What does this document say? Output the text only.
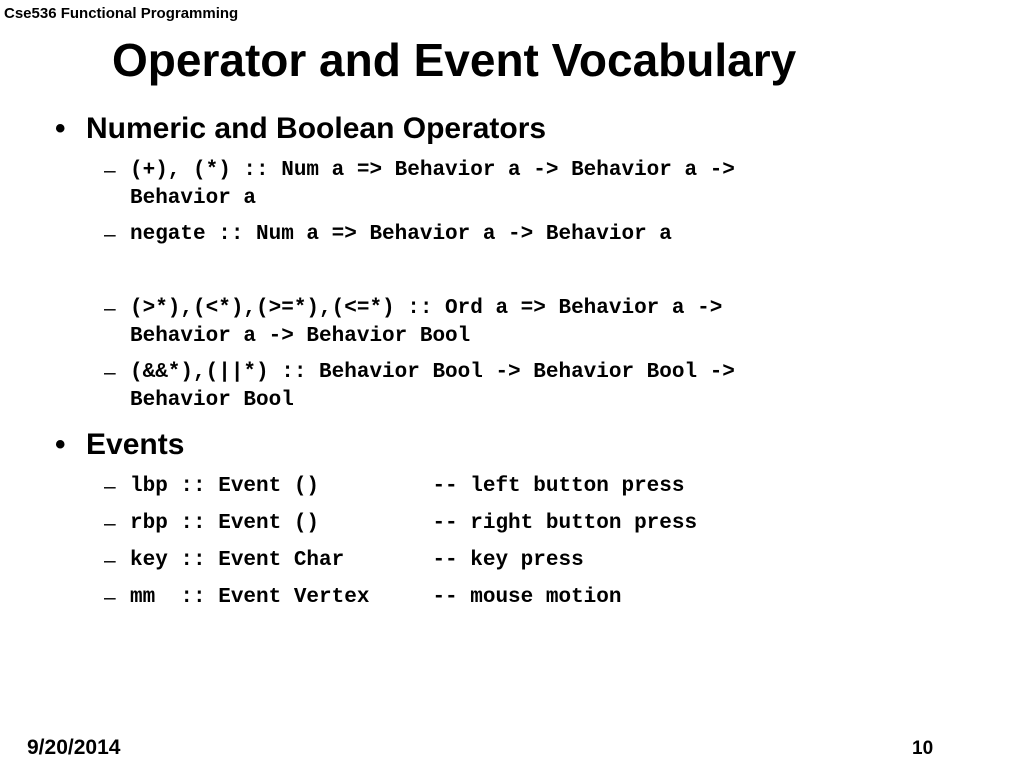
Cse536 Functional Programming
Operator and Event Vocabulary
• Numeric and Boolean Operators

–

(+), (*) :: Num a => Behavior a -> Behavior a ->
Behavior a

–

negate :: Num a => Behavior a -> Behavior a

–

(>*),(<*),(>=*),(<=*) :: Ord a => Behavior a ->
Behavior a -> Behavior Bool

–

(&&*),(||*) :: Behavior Bool -> Behavior Bool ->
Behavior Bool

• Events

–

lbp :: Event ()         -- left button press

–

rbp :: Event ()         -- right button press

–

key :: Event Char       -- key press

–

mm  :: Event Vertex     -- mouse motion

9/20/2014	10
